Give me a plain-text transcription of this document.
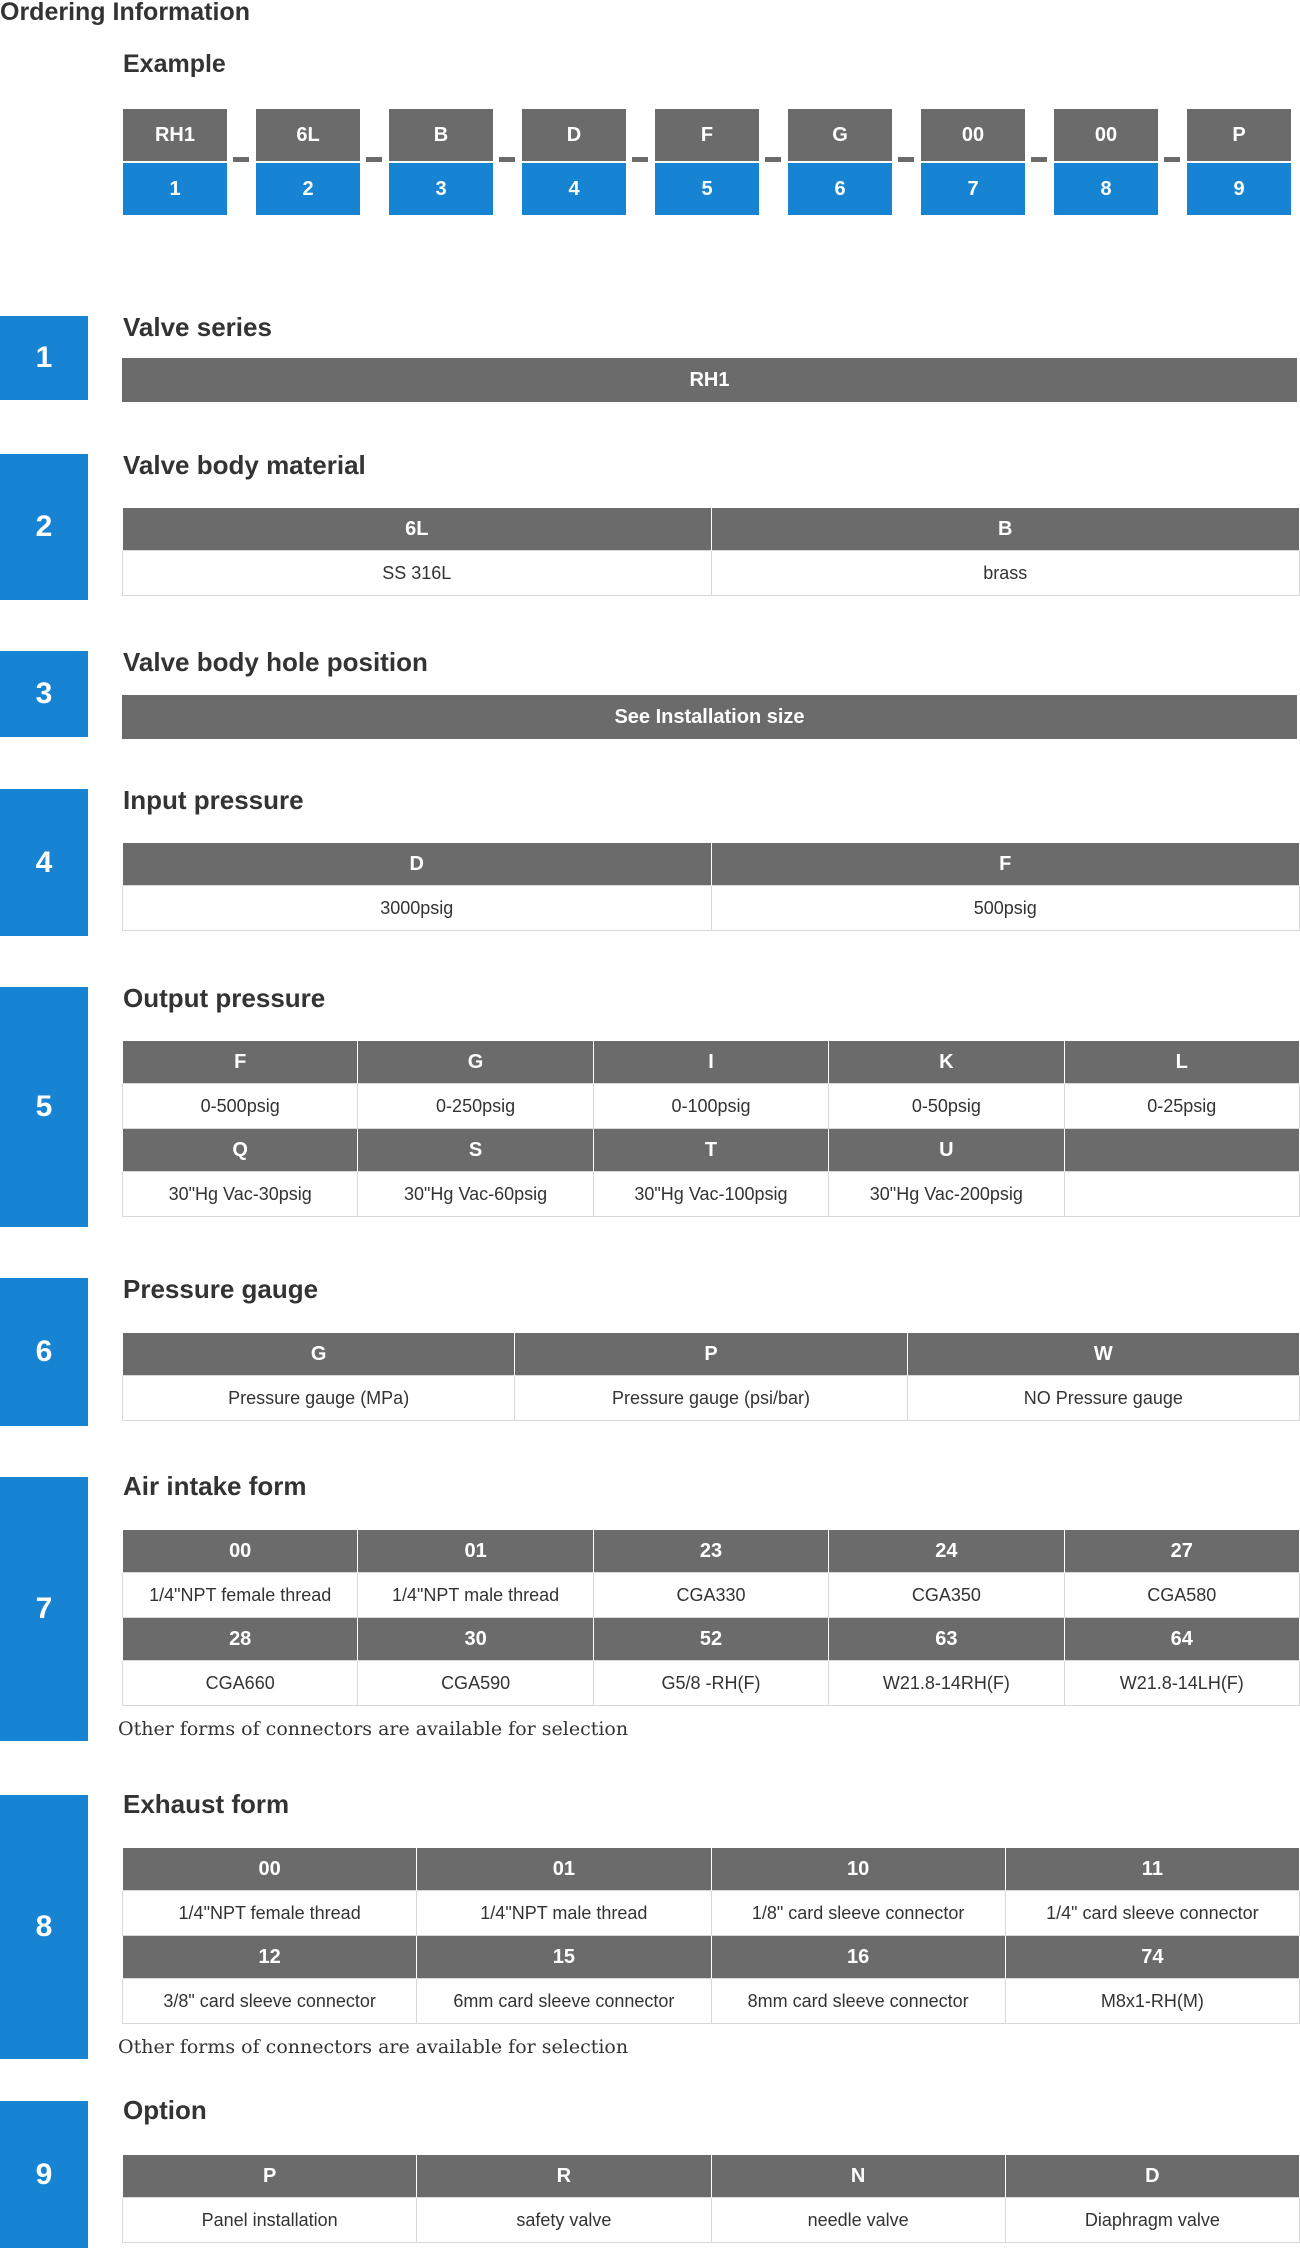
Ordering Information
Example
RH1
1
6L
2
B
3
D
4
F
5
G
6
00
7
00
8
P
9
1
Valve series
RH1
2
Valve body material
6L	B
SS 316L	brass
3
Valve body hole position
See Installation size
4
Input pressure
D	F
3000psig	500psig
5
Output pressure
F	G	I	K	L
0-500psig	0-250psig	0-100psig	0-50psig	0-25psig
Q	S	T	U	
30"Hg Vac-30psig	30"Hg Vac-60psig	30"Hg Vac-100psig	30"Hg Vac-200psig	
6
Pressure gauge
G	P	W
Pressure gauge (MPa)	Pressure gauge (psi/bar)	NO Pressure gauge
7
Air intake form
00	01	23	24	27
1/4"NPT female thread	1/4"NPT male thread	CGA330	CGA350	CGA580
28	30	52	63	64
CGA660	CGA590	G5/8 -RH(F)	W21.8-14RH(F)	W21.8-14LH(F)

Other forms of connectors are available for selection

8
Exhaust form
00	01	10	11
1/4"NPT female thread	1/4"NPT male thread	1/8" card sleeve connector	1/4" card sleeve connector
12	15	16	74
3/8" card sleeve connector	6mm card sleeve connector	8mm card sleeve connector	M8x1-RH(M)

Other forms of connectors are available for selection

9
Option
P	R	N	D
Panel installation	safety valve	needle valve	Diaphragm valve
